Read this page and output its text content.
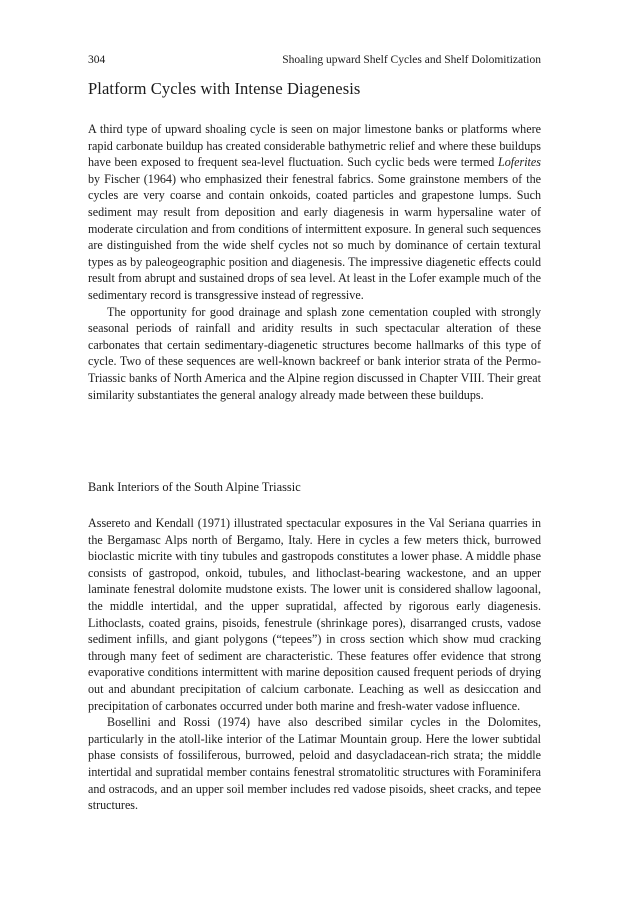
304	Shoaling upward Shelf Cycles and Shelf Dolomitization
Platform Cycles with Intense Diagenesis

A third type of upward shoaling cycle is seen on major limestone banks or platforms where rapid carbonate buildup has created considerable bathymetric relief and where these buildups have been exposed to frequent sea-level fluctuation. Such cyclic beds were termed Loferites by Fischer (1964) who emphasized their fenestral fabrics. Some grainstone members of the cycles are very coarse and contain onkoids, coated particles and grapestone lumps. Such sediment may result from deposition and early diagenesis in warm hypersaline water of moderate circulation and from conditions of intermittent exposure. In general such sequences are distinguished from the wide shelf cycles not so much by dominance of certain textural types as by paleogeographic position and diagenesis. The impressive diagenetic effects could result from abrupt and sustained drops of sea level. At least in the Lofer example much of the sedimentary record is transgressive instead of regressive.

The opportunity for good drainage and splash zone cementation coupled with strongly seasonal periods of rainfall and aridity results in such spectacular alteration of these carbonates that certain sedimentary-diagenetic structures become hallmarks of this type of cycle. Two of these sequences are well-known backreef or bank interior strata of the Permo-Triassic banks of North America and the Alpine region discussed in Chapter VIII. Their great similarity substantiates the general analogy already made between these buildups.

Bank Interiors of the South Alpine Triassic

Assereto and Kendall (1971) illustrated spectacular exposures in the Val Seriana quarries in the Bergamasc Alps north of Bergamo, Italy. Here in cycles a few meters thick, burrowed bioclastic micrite with tiny tubules and gastropods constitutes a lower phase. A middle phase consists of gastropod, onkoid, tubules, and lithoclast-bearing wackestone, and an upper laminate fenestral dolomite mudstone exists. The lower unit is considered shallow lagoonal, the middle intertidal, and the upper supratidal, affected by rigorous early diagenesis. Lithoclasts, coated grains, pisoids, fenestrule (shrinkage pores), disarranged crusts, vadose sediment infills, and giant polygons (“tepees”) in cross section which show mud cracking through many feet of sediment are characteristic. These features offer evidence that strong evaporative conditions intermittent with marine deposition caused frequent periods of drying out and abundant precipitation of calcium carbonate. Leaching as well as desiccation and precipitation of carbonates occurred under both marine and fresh-water vadose influence.

Bosellini and Rossi (1974) have also described similar cycles in the Dolomites, particularly in the atoll-like interior of the Latimar Mountain group. Here the lower subtidal phase consists of fossiliferous, burrowed, peloid and dasycladacean-rich strata; the middle intertidal and supratidal member contains fenestral stromatolitic structures with Foraminifera and ostracods, and an upper soil member includes red vadose pisoids, sheet cracks, and tepee structures.
